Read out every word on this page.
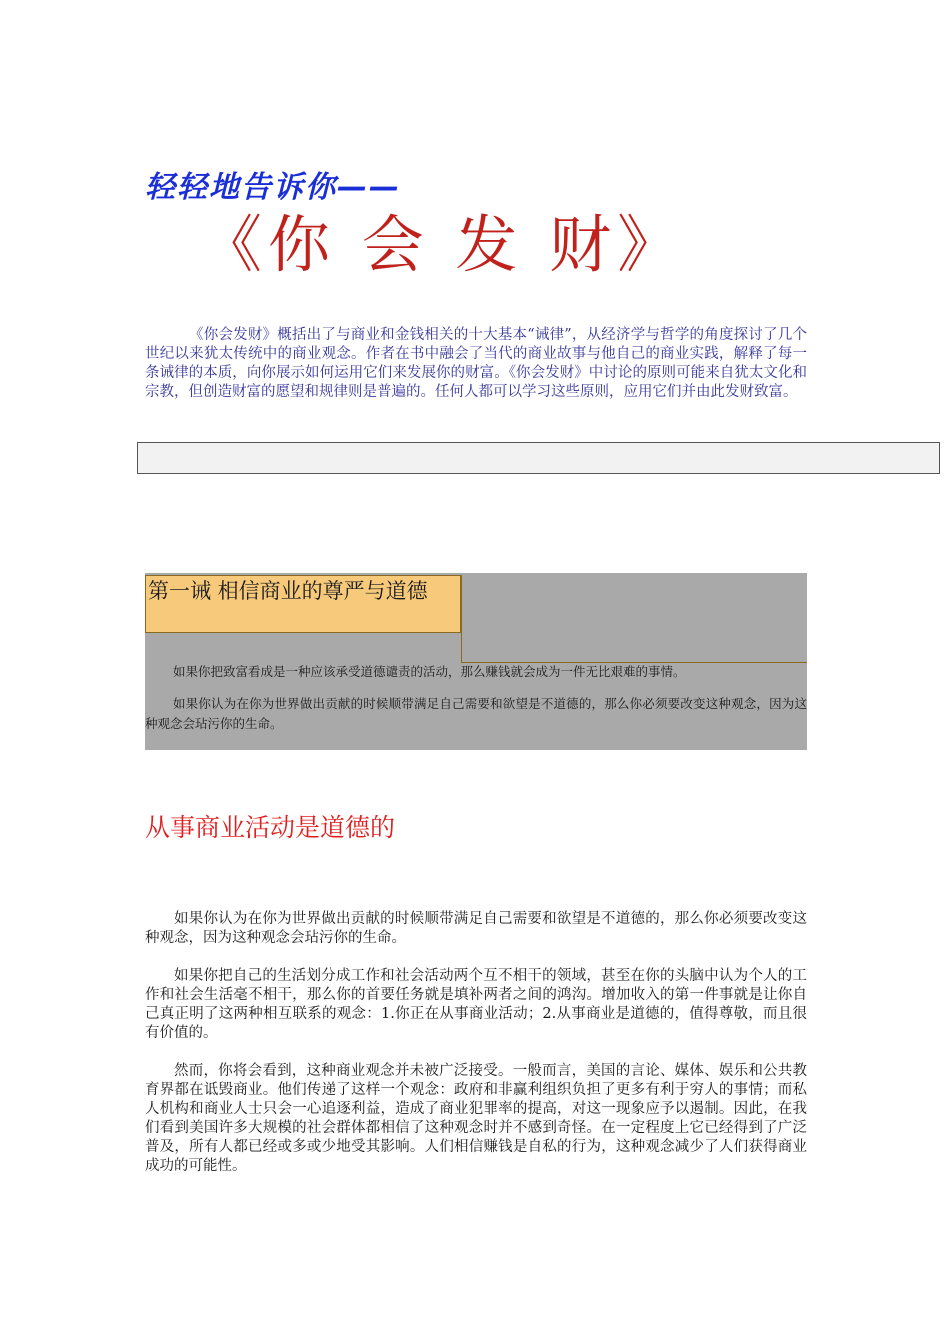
轻轻地告诉你——
《你 会 发 财》

《你会发财》概括出了与商业和金钱相关的十大基本“诫律”，从经济学与哲学的角度探讨了几个世纪以来犹太传统中的商业观念。作者在书中融会了当代的商业故事与他自己的商业实践，解释了每一条诫律的本质，向你展示如何运用它们来发展你的财富。《你会发财》中讨论的原则可能来自犹太文化和宗教，但创造财富的愿望和规律则是普遍的。任何人都可以学习这些原则，应用它们并由此发财致富。

第一诫 相信商业的尊严与道德

如果你把致富看成是一种应该承受道德谴责的活动，那么赚钱就会成为一件无比艰难的事情。

如果你认为在你为世界做出贡献的时候顺带满足自己需要和欲望是不道德的，那么你必须要改变这种观念，因为这种观念会玷污你的生命。

从事商业活动是道德的

如果你认为在你为世界做出贡献的时候顺带满足自己需要和欲望是不道德的，那么你必须要改变这种观念，因为这种观念会玷污你的生命。

如果你把自己的生活划分成工作和社会活动两个互不相干的领域，甚至在你的头脑中认为个人的工作和社会生活毫不相干，那么你的首要任务就是填补两者之间的鸿沟。增加收入的第一件事就是让你自己真正明了这两种相互联系的观念：1.你正在从事商业活动；2.从事商业是道德的，值得尊敬，而且很有价值的。

然而，你将会看到，这种商业观念并未被广泛接受。一般而言，美国的言论、媒体、娱乐和公共教育界都在诋毁商业。他们传递了这样一个观念：政府和非赢利组织负担了更多有利于穷人的事情；而私人机构和商业人士只会一心追逐利益，造成了商业犯罪率的提高，对这一现象应予以遏制。因此，在我们看到美国许多大规模的社会群体都相信了这种观念时并不感到奇怪。在一定程度上它已经得到了广泛普及，所有人都已经或多或少地受其影响。人们相信赚钱是自私的行为，这种观念减少了人们获得商业成功的可能性。
